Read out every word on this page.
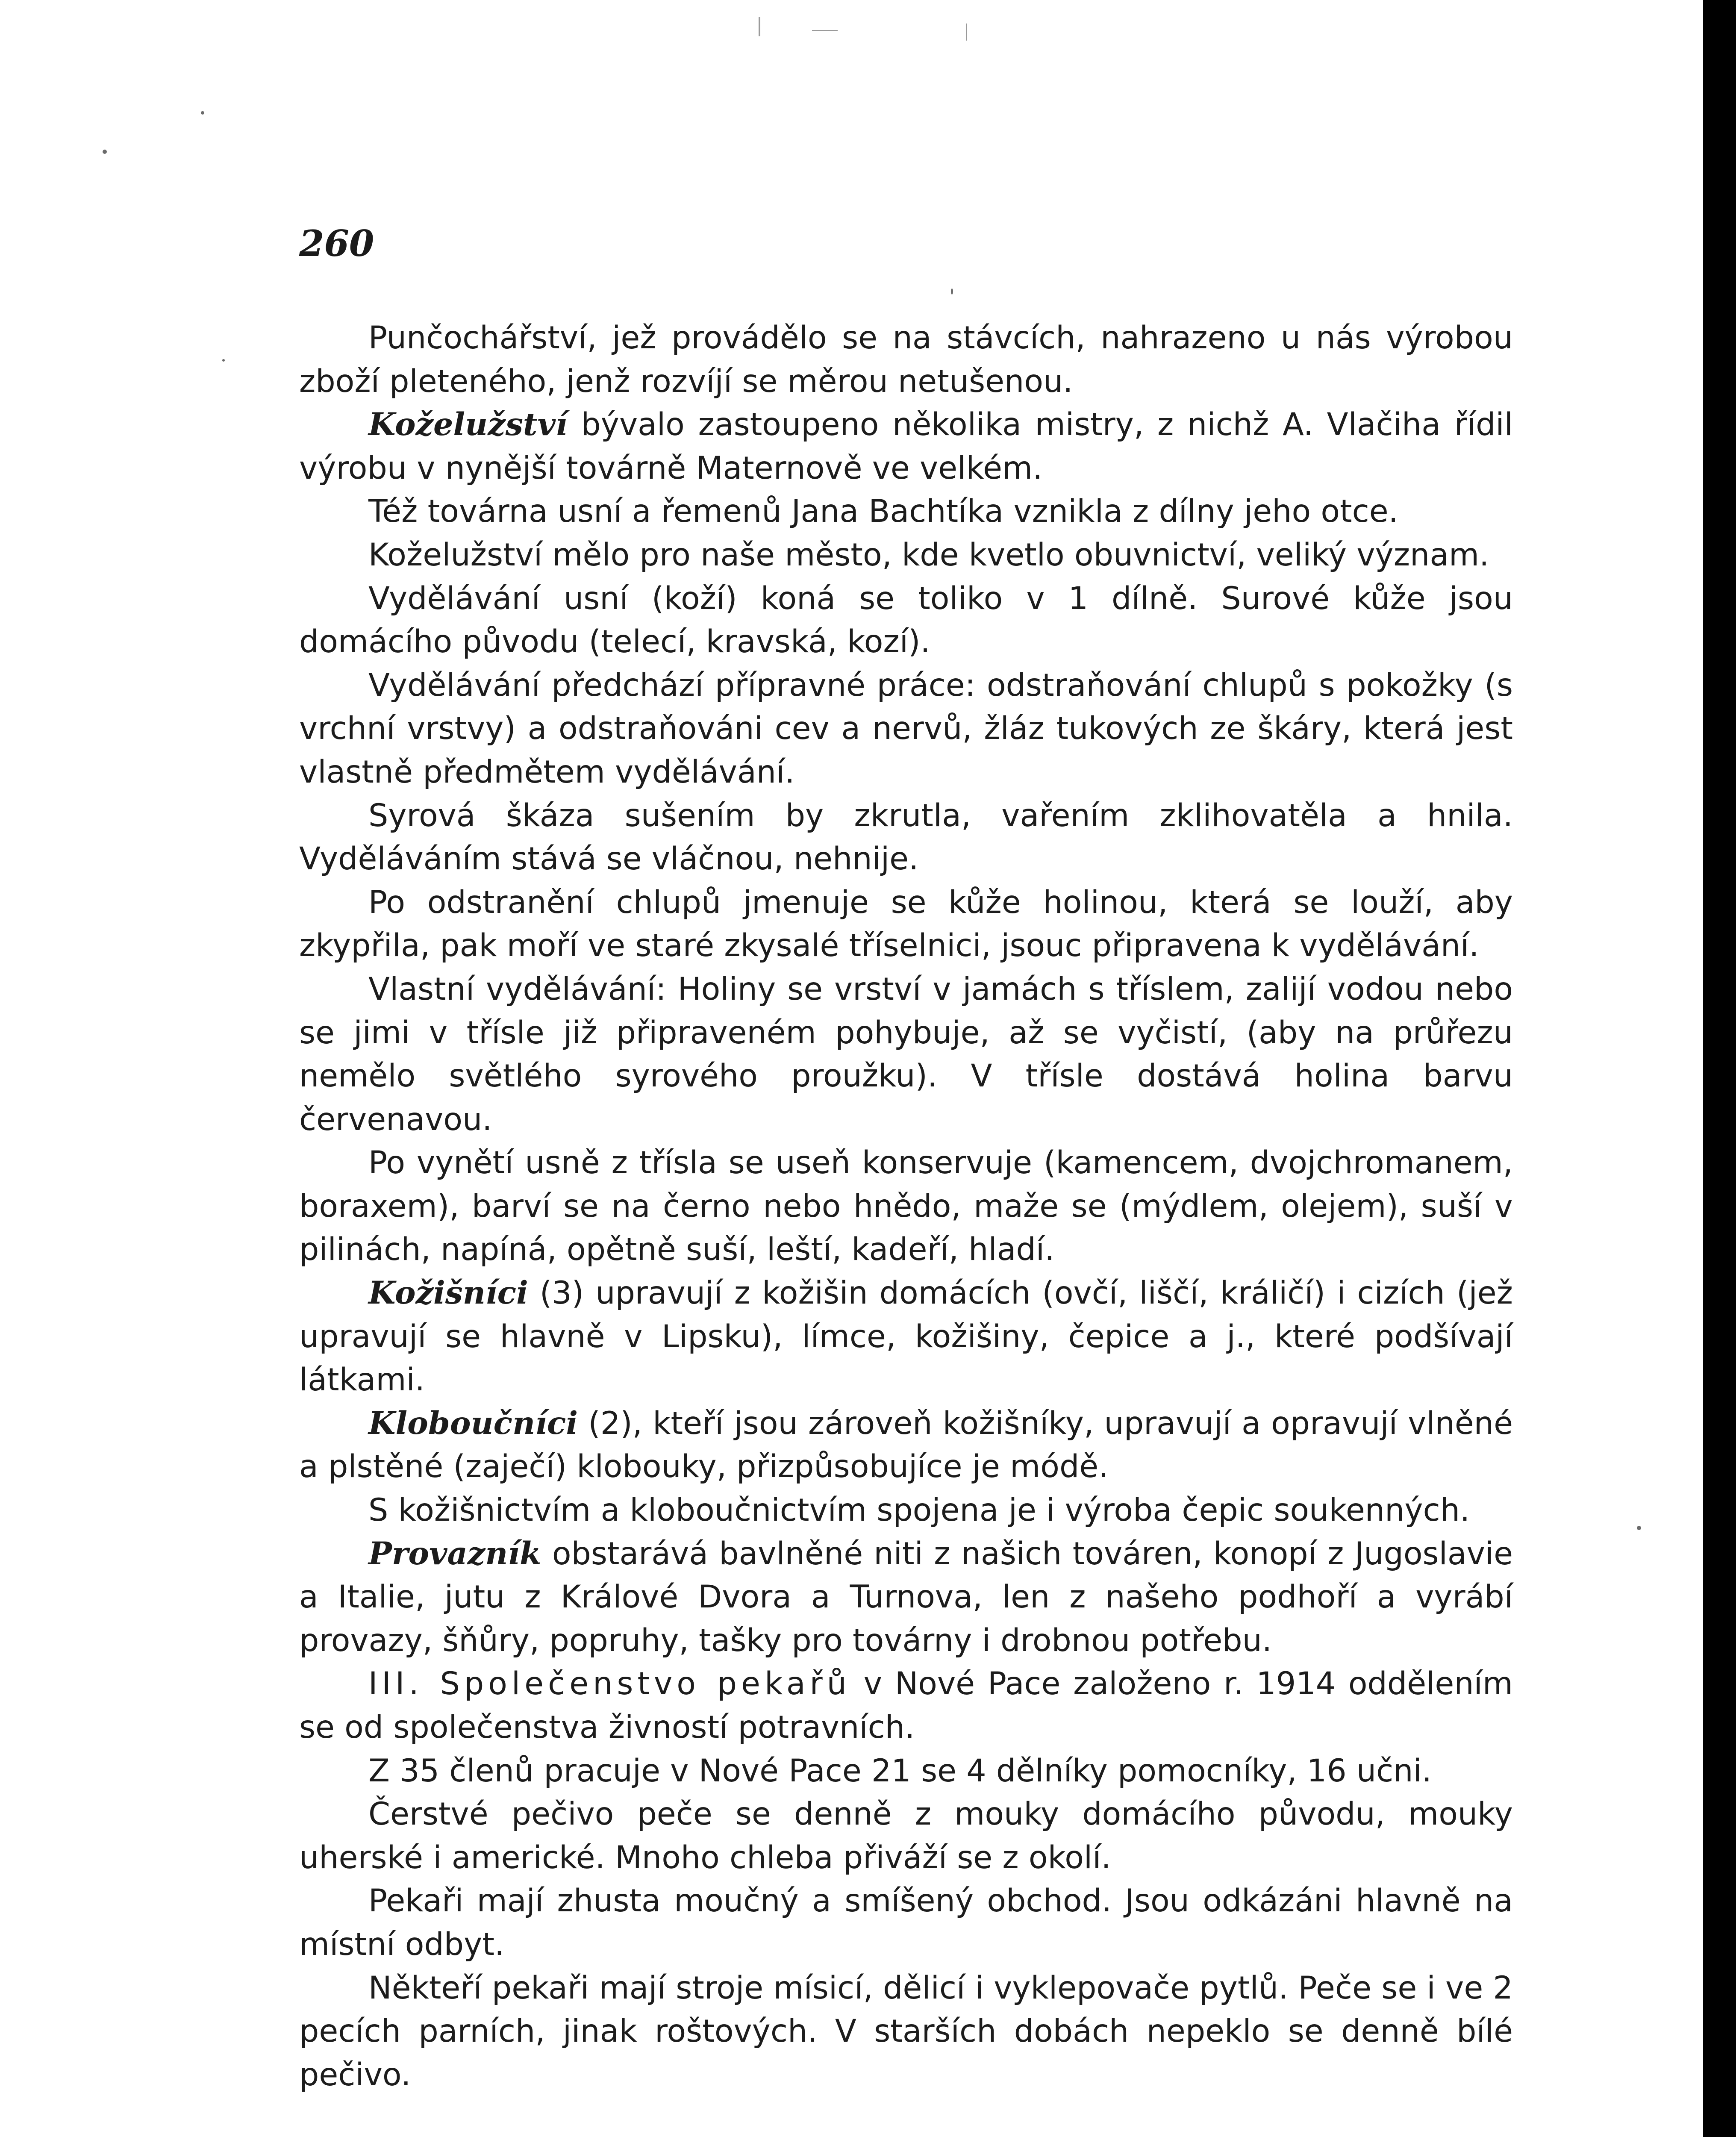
260

Punčochářství, jež provádělo se na stávcích, nahrazeno u nás výrobou zboží pleteného, jenž rozvíjí se měrou netušenou.

Koželužství bývalo zastoupeno několika mistry, z nichž A. Vlačiha řídil výrobu v nynější továrně Maternově ve velkém.

Též továrna usní a řemenů Jana Bachtíka vznikla z dílny jeho otce.

Koželužství mělo pro naše město, kde kvetlo obuvnictví, veliký význam.

Vydělávání usní (koží) koná se toliko v 1 dílně. Surové kůže jsou domácího původu (telecí, kravská, kozí).

Vydělávání předchází přípravné práce: odstraňování chlupů s pokožky (s vrchní vrstvy) a odstraňováni cev a nervů, žláz tukových ze škáry, která jest vlastně předmětem vydělávání.

Syrová škáza sušením by zkrutla, vařením zklihovatěla a hnila. Vyděláváním stává se vláčnou, nehnije.

Po odstranění chlupů jmenuje se kůže holinou, která se louží, aby zkypřila, pak moří ve staré zkysalé tříselnici, jsouc připravena k vydělávání.

Vlastní vydělávání: Holiny se vrství v jamách s tříslem, zalijí vodou nebo se jimi v třísle již připraveném pohybuje, až se vyčistí, (aby na průřezu nemělo světlého syrového proužku). V třísle dostává holina barvu červenavou.

Po vynětí usně z třísla se useň konservuje (kamencem, dvojchromanem, boraxem), barví se na černo nebo hnědo, maže se (mýdlem, olejem), suší v pilinách, napíná, opětně suší, leští, kadeří, hladí.

Kožišníci (3) upravují z kožišin domácích (ovčí, liščí, králičí) i cizích (jež upravují se hlavně v Lipsku), límce, kožišiny, čepice a j., které podšívají látkami.

Kloboučníci (2), kteří jsou zároveň kožišníky, upravují a opravují vlněné a plstěné (zaječí) klobouky, přizpůsobujíce je módě.

S kožišnictvím a kloboučnictvím spojena je i výroba čepic soukenných.

Provazník obstarává bavlněné niti z našich továren, konopí z Jugoslavie a Italie, jutu z Králové Dvora a Turnova, len z našeho podhoří a vyrábí provazy, šňůry, popruhy, tašky pro továrny i drobnou potřebu.

III. Společenstvo pekařů v Nové Pace založeno r. 1914 oddělením se od společenstva živností potravních.

Z 35 členů pracuje v Nové Pace 21 se 4 dělníky pomocníky, 16 učni.

Čerstvé pečivo peče se denně z mouky domácího původu, mouky uherské i americké. Mnoho chleba přiváží se z okolí.

Pekaři mají zhusta moučný a smíšený obchod. Jsou odkázáni hlavně na místní odbyt.

Někteří pekaři mají stroje mísicí, dělicí i vyklepovače pytlů. Peče se i ve 2 pecích parních, jinak roštových. V starších dobách nepeklo se denně bílé pečivo.
